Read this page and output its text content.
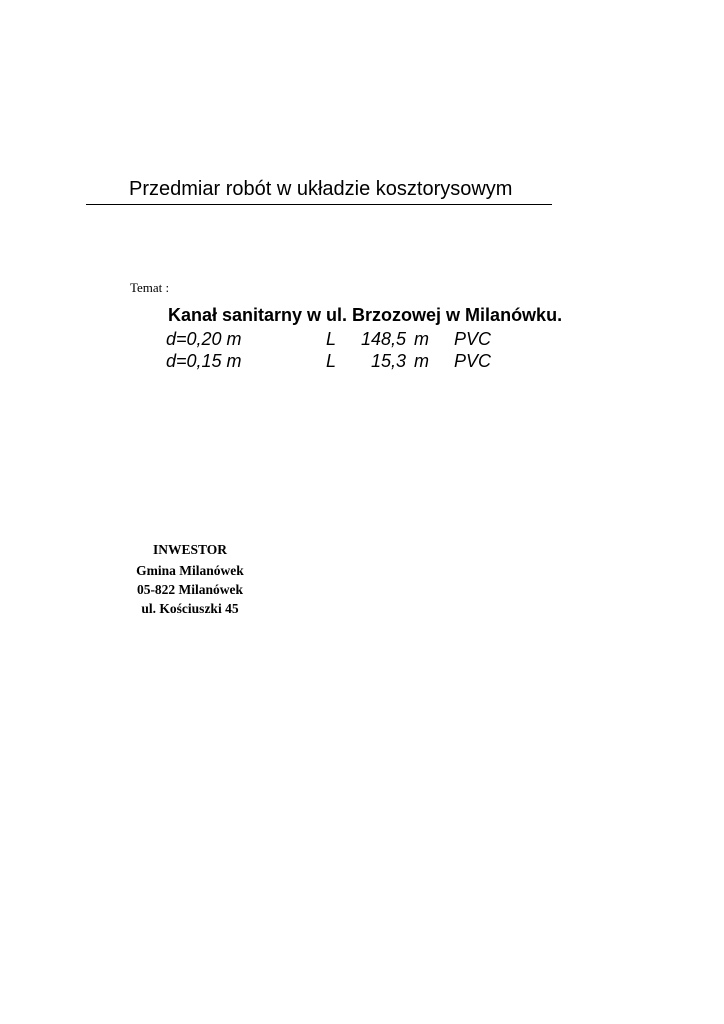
Przedmiar robót w układzie kosztorysowym
Temat :
Kanał sanitarny w ul. Brzozowej w Milanówku.
d=0,20 m	L	148,5 m PVC
d=0,15 m	L	15,3 m PVC
INWESTOR
Gmina Milanówek
05-822 Milanówek
ul. Kościuszki 45
